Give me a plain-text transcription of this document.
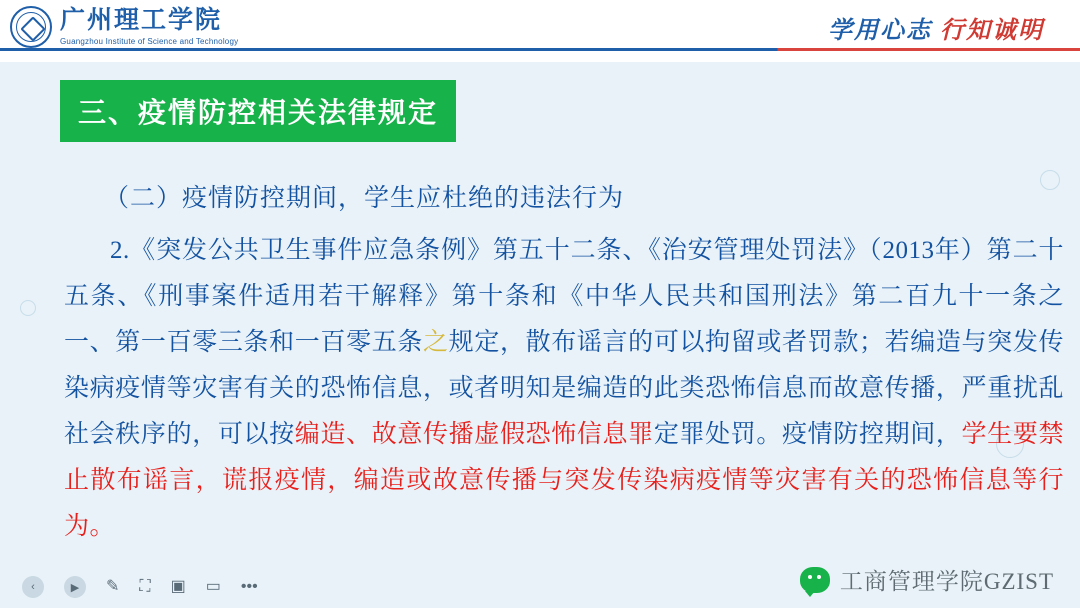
广州理工学院
Guangzhou Institute of Science and Technology	学用心志 行知诚明
三、疫情防控相关法律规定
（二）疫情防控期间，学生应杜绝的违法行为
2.《突发公共卫生事件应急条例》第五十二条、《治安管理处罚法》（2013年）第二十五条、《刑事案件适用若干解释》第十条和《中华人民共和国刑法》第二百九十一条之一、第一百零三条和一百零五条之规定，散布谣言的可以拘留或者罚款；若编造与突发传染病疫情等灾害有关的恐怖信息，或者明知是编造的此类恐怖信息而故意传播，严重扰乱社会秩序的，可以按编造、故意传播虚假恐怖信息罪定罪处罚。疫情防控期间，学生要禁止散布谣言，谎报疫情，编造或故意传播与突发传染病疫情等灾害有关的恐怖信息等行为。
‹	▶	✎ ⛶ ▣ ▭ •••	工商管理学院GZIST
